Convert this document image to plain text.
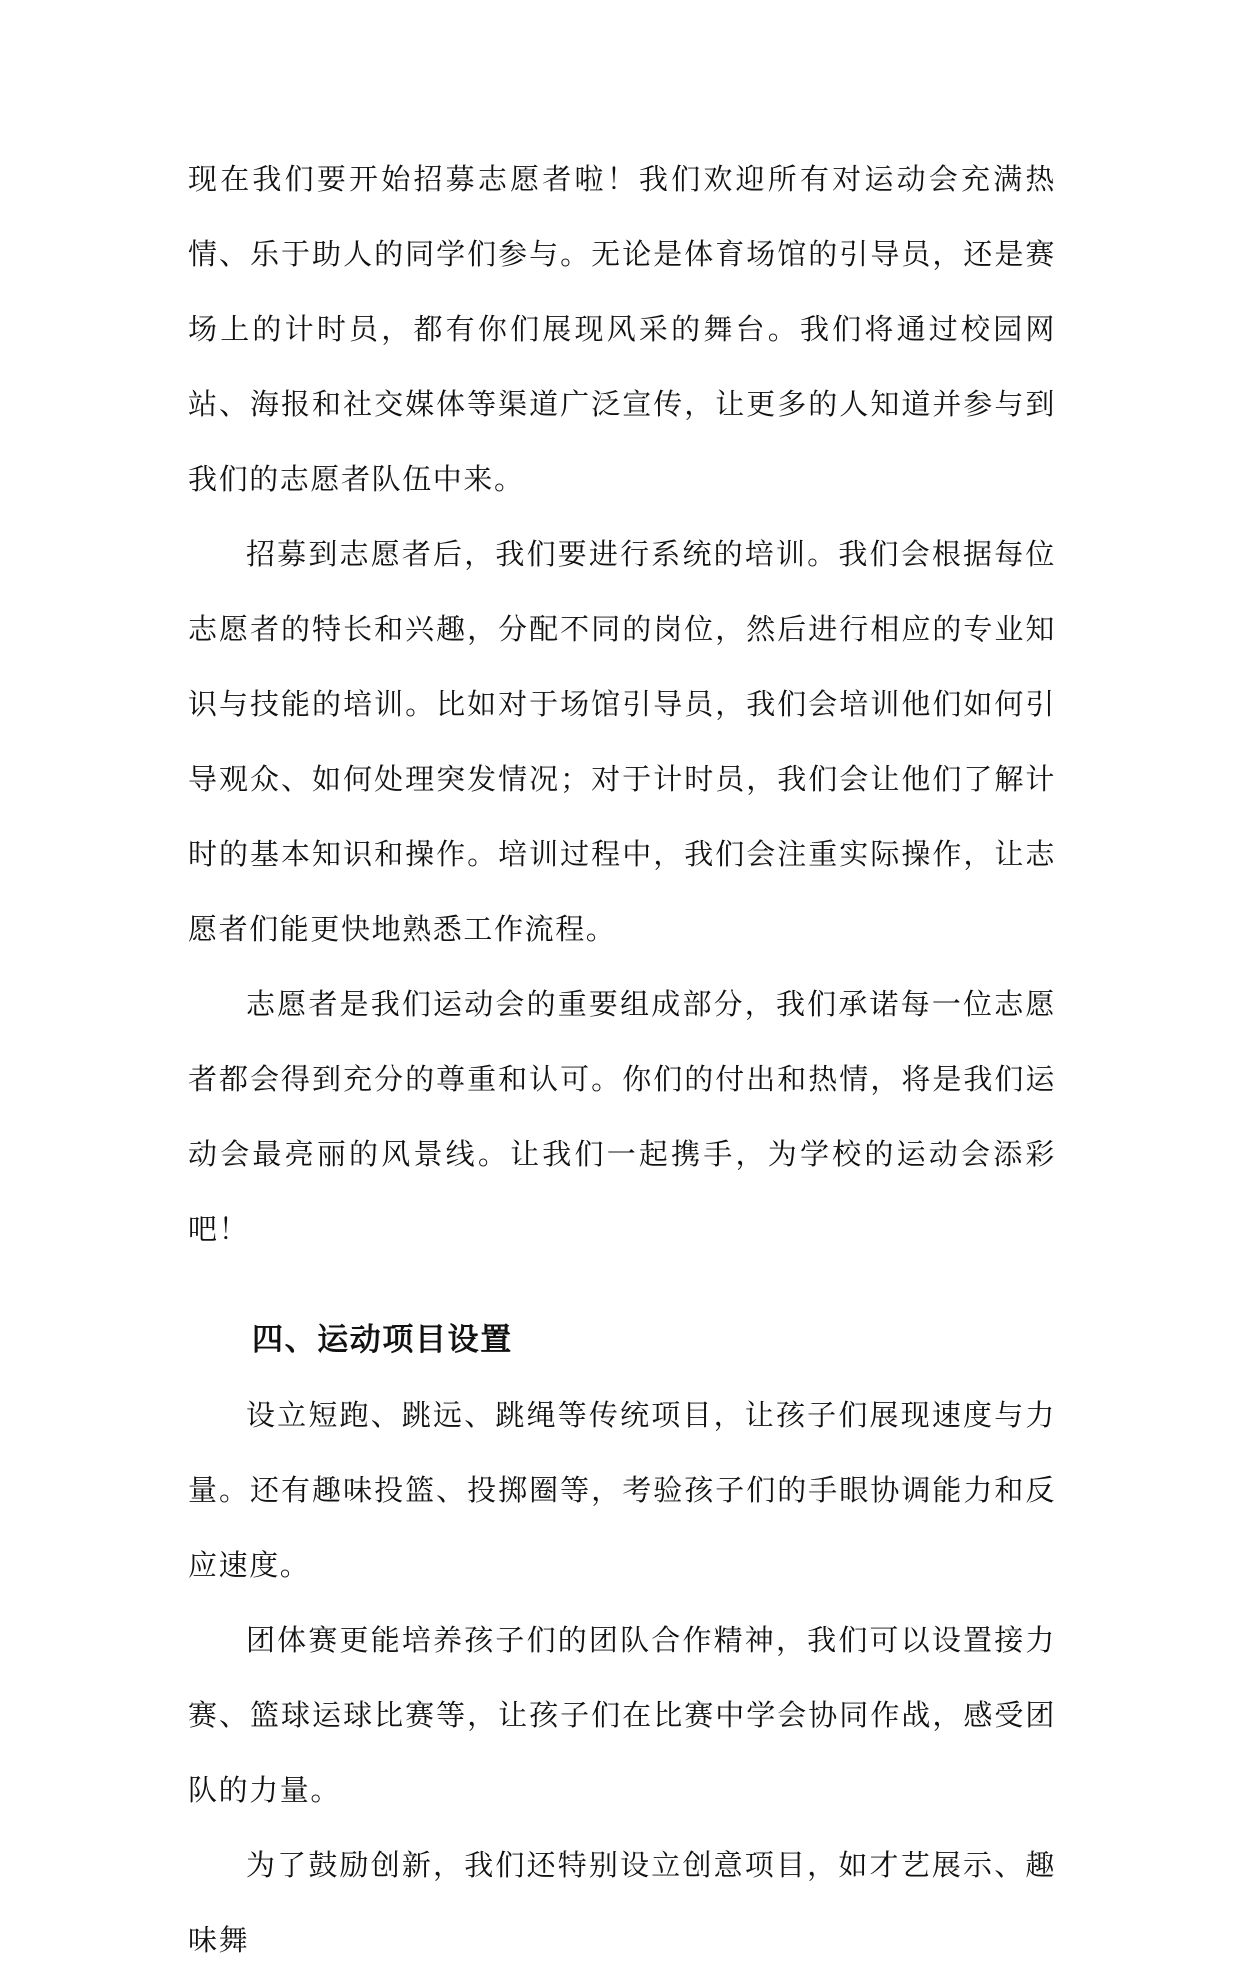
现在我们要开始招募志愿者啦！我们欢迎所有对运动会充满热情、乐于助人的同学们参与。无论是体育场馆的引导员，还是赛场上的计时员，都有你们展现风采的舞台。我们将通过校园网站、海报和社交媒体等渠道广泛宣传，让更多的人知道并参与到我们的志愿者队伍中来。

招募到志愿者后，我们要进行系统的培训。我们会根据每位志愿者的特长和兴趣，分配不同的岗位，然后进行相应的专业知识与技能的培训。比如对于场馆引导员，我们会培训他们如何引导观众、如何处理突发情况；对于计时员，我们会让他们了解计时的基本知识和操作。培训过程中，我们会注重实际操作，让志愿者们能更快地熟悉工作流程。

志愿者是我们运动会的重要组成部分，我们承诺每一位志愿者都会得到充分的尊重和认可。你们的付出和热情，将是我们运动会最亮丽的风景线。让我们一起携手，为学校的运动会添彩吧！

四、运动项目设置

设立短跑、跳远、跳绳等传统项目，让孩子们展现速度与力量。还有趣味投篮、投掷圈等，考验孩子们的手眼协调能力和反应速度。

团体赛更能培养孩子们的团队合作精神，我们可以设置接力赛、篮球运球比赛等，让孩子们在比赛中学会协同作战，感受团队的力量。

为了鼓励创新，我们还特别设立创意项目，如才艺展示、趣味舞
